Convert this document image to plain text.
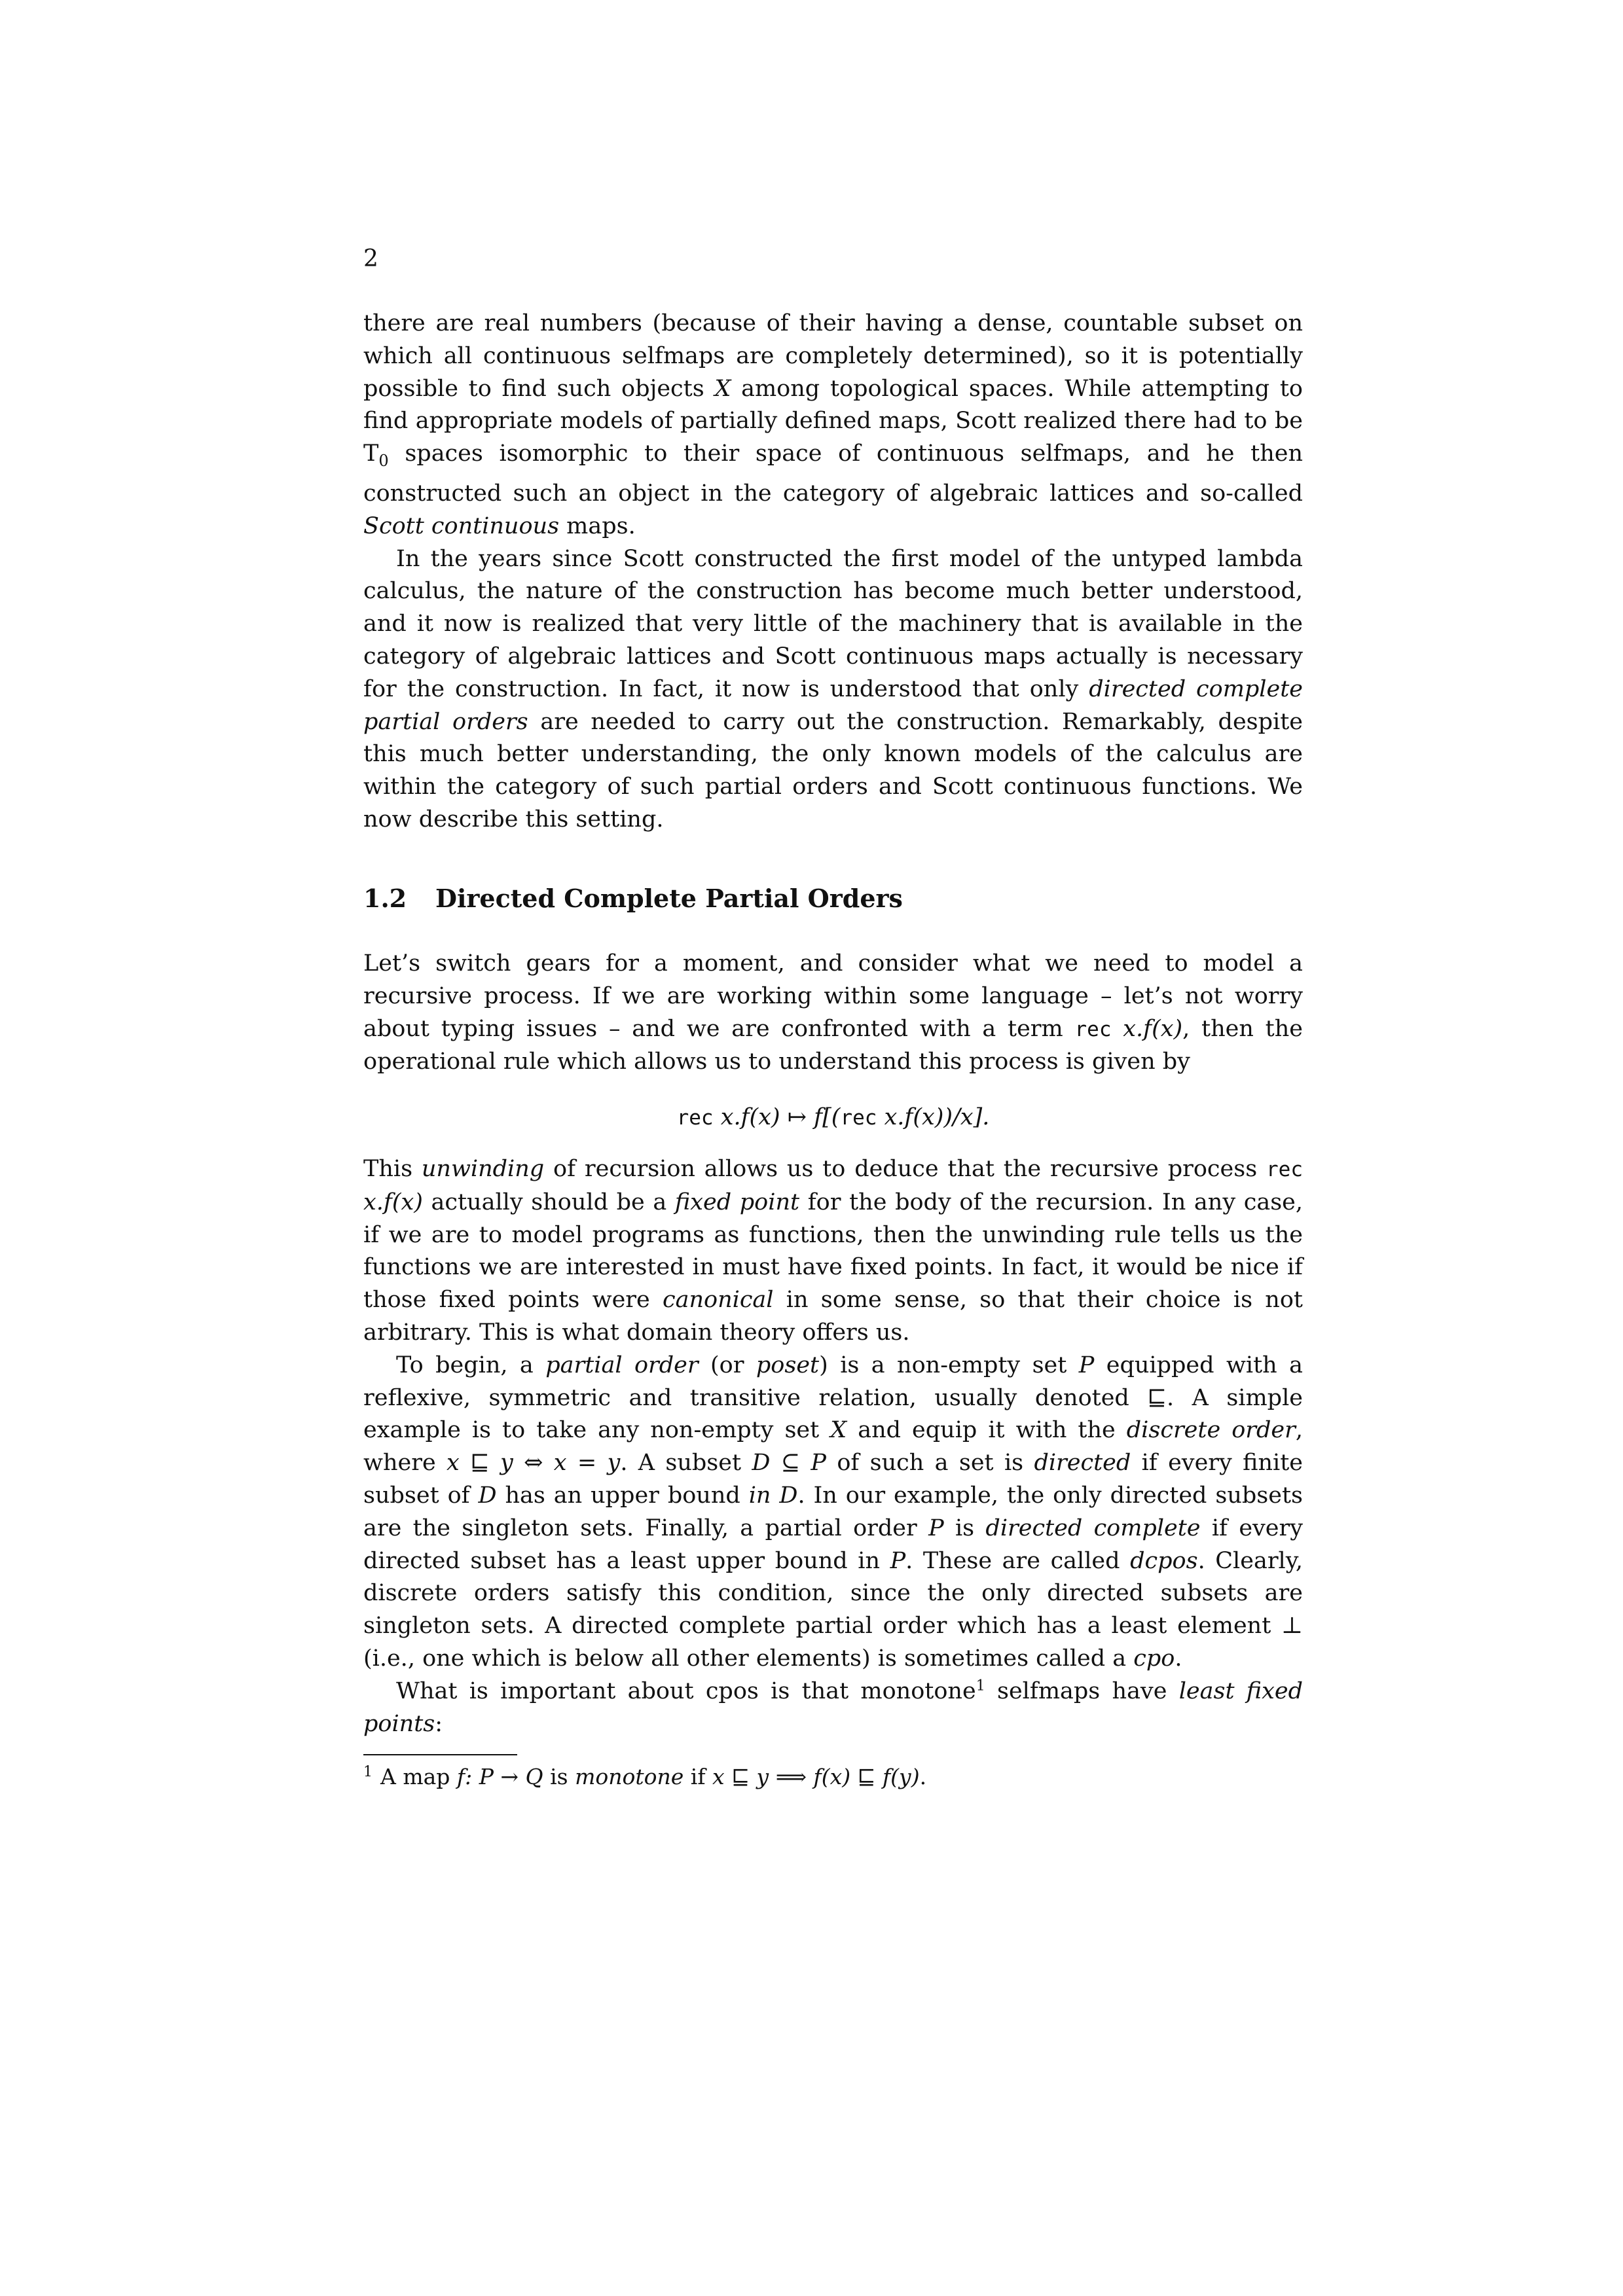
2

there are real numbers (because of their having a dense, countable subset on which all continuous selfmaps are completely determined), so it is potentially possible to find such objects X among topological spaces. While attempting to find appropriate models of partially defined maps, Scott realized there had to be $T_0$ spaces isomorphic to their space of continuous selfmaps, and he then constructed such an object in the category of algebraic lattices and so-called Scott continuous maps.

In the years since Scott constructed the first model of the untyped lambda calculus, the nature of the construction has become much better understood, and it now is realized that very little of the machinery that is available in the category of algebraic lattices and Scott continuous maps actually is necessary for the construction. In fact, it now is understood that only directed complete partial orders are needed to carry out the construction. Remarkably, despite this much better understanding, the only known models of the calculus are within the category of such partial orders and Scott continuous functions. We now describe this setting.

1.2 Directed Complete Partial Orders

Let’s switch gears for a moment, and consider what we need to model a recursive process. If we are working within some language – let’s not worry about typing issues – and we are confronted with a term rec x.f(x), then the operational rule which allows us to understand this process is given by

rec x.f(x) ↦ f[(rec x.f(x))/x].

This unwinding of recursion allows us to deduce that the recursive process rec x.f(x) actually should be a fixed point for the body of the recursion. In any case, if we are to model programs as functions, then the unwinding rule tells us the functions we are interested in must have fixed points. In fact, it would be nice if those fixed points were canonical in some sense, so that their choice is not arbitrary. This is what domain theory offers us.

To begin, a partial order (or poset) is a non-empty set P equipped with a reflexive, symmetric and transitive relation, usually denoted ⊑. A simple example is to take any non-empty set X and equip it with the discrete order, where x ⊑ y ⇔ x = y. A subset D ⊆ P of such a set is directed if every finite subset of D has an upper bound in D. In our example, the only directed subsets are the singleton sets. Finally, a partial order P is directed complete if every directed subset has a least upper bound in P. These are called dcpos. Clearly, discrete orders satisfy this condition, since the only directed subsets are singleton sets. A directed complete partial order which has a least element ⊥ (i.e., one which is below all other elements) is sometimes called a cpo.

What is important about cpos is that monotone$^1$ selfmaps have least fixed points:

$^1$ A map f: P → Q is monotone if x ⊑ y ⟹ f(x) ⊑ f(y).
